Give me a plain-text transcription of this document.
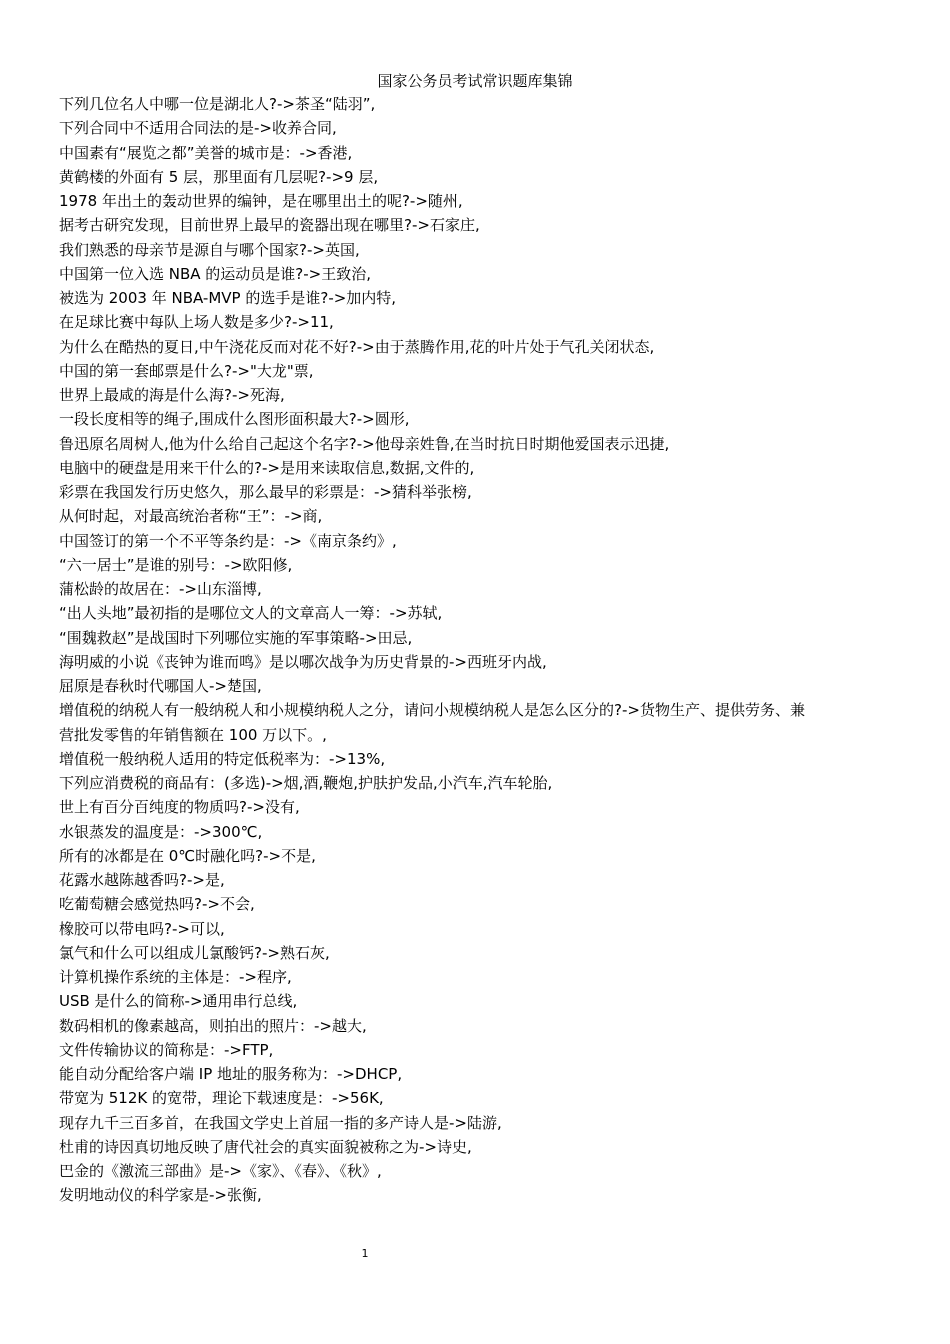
国家公务员考试常识题库集锦
下列几位名人中哪一位是湖北人?->茶圣“陆羽”,
下列合同中不适用合同法的是->收养合同,
中国素有“展览之都”美誉的城市是：->香港,
黄鹤楼的外面有 5 层，那里面有几层呢?->9 层,
1978 年出土的轰动世界的编钟，是在哪里出土的呢?->随州,
据考古研究发现，目前世界上最早的瓷器出现在哪里?->石家庄,
我们熟悉的母亲节是源自与哪个国家?->英国,
中国第一位入选 NBA 的运动员是谁?->王致治,
被选为 2003 年 NBA-MVP 的选手是谁?->加内特,
在足球比赛中每队上场人数是多少?->11,
为什么在酷热的夏日,中午浇花反而对花不好?->由于蒸腾作用,花的叶片处于气孔关闭状态,
中国的第一套邮票是什么?->"大龙"票,
世界上最咸的海是什么海?->死海,
一段长度相等的绳子,围成什么图形面积最大?->圆形,
鲁迅原名周树人,他为什么给自己起这个名字?->他母亲姓鲁,在当时抗日时期他爱国表示迅捷,
电脑中的硬盘是用来干什么的?->是用来读取信息,数据,文件的,
彩票在我国发行历史悠久，那么最早的彩票是：->猜科举张榜,
从何时起，对最高统治者称“王”：->商,
中国签订的第一个不平等条约是：->《南京条约》,
“六一居士”是谁的别号：->欧阳修,
蒲松龄的故居在：->山东淄博,
“出人头地”最初指的是哪位文人的文章高人一筹：->苏轼,
“围魏救赵”是战国时下列哪位实施的军事策略->田忌,
海明威的小说《丧钟为谁而鸣》是以哪次战争为历史背景的->西班牙内战,
屈原是春秋时代哪国人->楚国,
增值税的纳税人有一般纳税人和小规模纳税人之分，请问小规模纳税人是怎么区分的?->货物生产、提供劳务、兼
营批发零售的年销售额在 100 万以下。,
增值税一般纳税人适用的特定低税率为：->13%,
下列应消费税的商品有：(多选)->烟,酒,鞭炮,护肤护发品,小汽车,汽车轮胎,
世上有百分百纯度的物质吗?->没有,
水银蒸发的温度是：->300℃,
所有的冰都是在 0℃时融化吗?->不是,
花露水越陈越香吗?->是,
吃葡萄糖会感觉热吗?->不会,
橡胶可以带电吗?->可以,
氯气和什么可以组成儿氯酸钙?->熟石灰,
计算机操作系统的主体是：->程序,
USB 是什么的简称->通用串行总线,
数码相机的像素越高，则拍出的照片：->越大,
文件传输协议的简称是：->FTP,
能自动分配给客户端 IP 地址的服务称为：->DHCP,
带宽为 512K 的宽带，理论下载速度是：->56K,
现存九千三百多首，在我国文学史上首屈一指的多产诗人是->陆游,
杜甫的诗因真切地反映了唐代社会的真实面貌被称之为->诗史,
巴金的《激流三部曲》是->《家》、《春》、《秋》,
发明地动仪的科学家是->张衡,
1
